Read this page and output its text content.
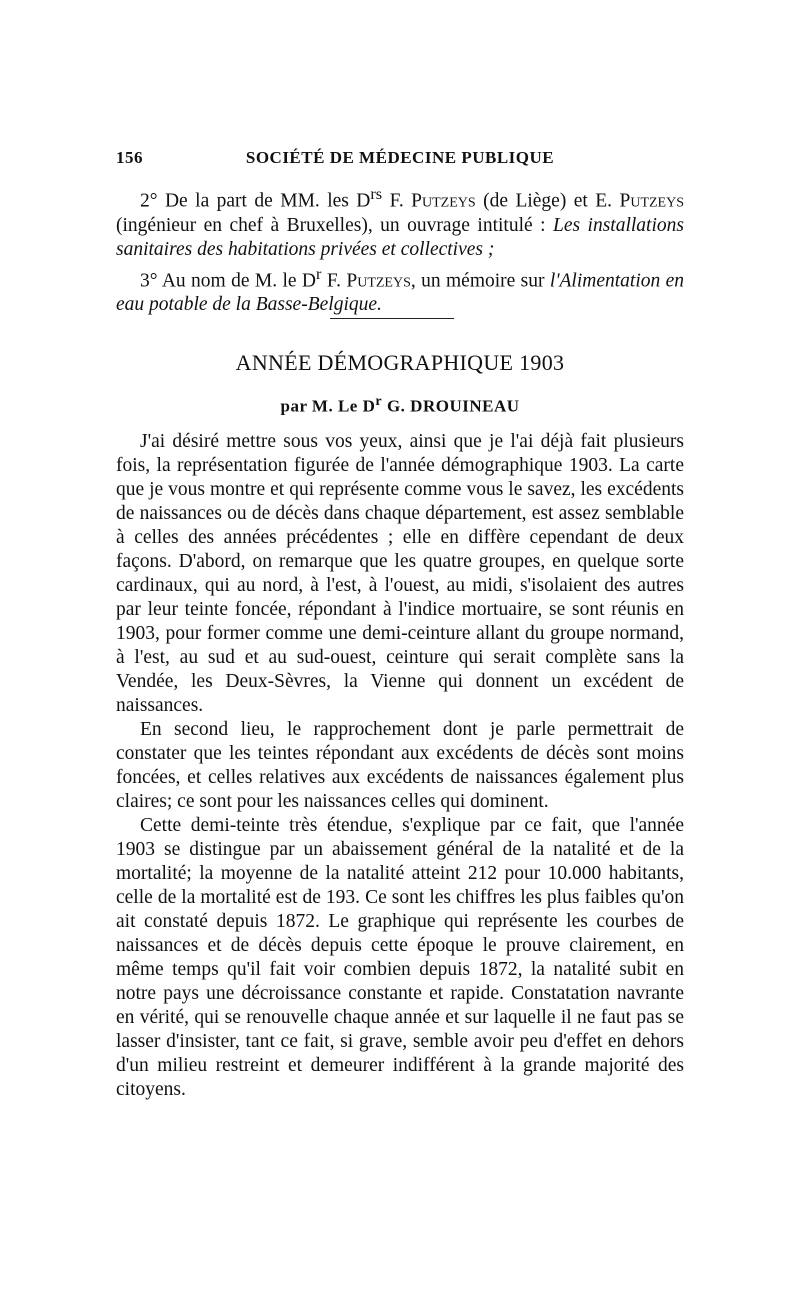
156	SOCIÉTÉ DE MÉDECINE PUBLIQUE

2° De la part de MM. les $D^{rs}$ F. Putzeys (de Liège) et E. Putzeys (ingénieur en chef à Bruxelles), un ouvrage intitulé : Les installations sanitaires des habitations privées et collectives ;

3° Au nom de M. le $D^r$ F. Putzeys, un mémoire sur l'Alimentation en eau potable de la Basse-Belgique.

ANNÉE DÉMOGRAPHIQUE 1903
par M. Le $D^r$ G. DROUINEAU

J'ai désiré mettre sous vos yeux, ainsi que je l'ai déjà fait plusieurs fois, la représentation figurée de l'année démographique 1903. La carte que je vous montre et qui représente comme vous le savez, les excédents de naissances ou de décès dans chaque département, est assez semblable à celles des années précédentes ; elle en diffère cependant de deux façons. D'abord, on remarque que les quatre groupes, en quelque sorte cardinaux, qui au nord, à l'est, à l'ouest, au midi, s'isolaient des autres par leur teinte foncée, répondant à l'indice mortuaire, se sont réunis en 1903, pour former comme une demi-ceinture allant du groupe normand, à l'est, au sud et au sud-ouest, ceinture qui serait complète sans la Vendée, les Deux-Sèvres, la Vienne qui donnent un excédent de naissances.

En second lieu, le rapprochement dont je parle permettrait de constater que les teintes répondant aux excédents de décès sont moins foncées, et celles relatives aux excédents de naissances également plus claires; ce sont pour les naissances celles qui dominent.

Cette demi-teinte très étendue, s'explique par ce fait, que l'année 1903 se distingue par un abaissement général de la natalité et de la mortalité; la moyenne de la natalité atteint 212 pour 10.000 habitants, celle de la mortalité est de 193. Ce sont les chiffres les plus faibles qu'on ait constaté depuis 1872. Le graphique qui représente les courbes de naissances et de décès depuis cette époque le prouve clairement, en même temps qu'il fait voir combien depuis 1872, la natalité subit en notre pays une décroissance constante et rapide. Constatation navrante en vérité, qui se renouvelle chaque année et sur laquelle il ne faut pas se lasser d'insister, tant ce fait, si grave, semble avoir peu d'effet en dehors d'un milieu restreint et demeurer indifférent à la grande majorité des citoyens.
